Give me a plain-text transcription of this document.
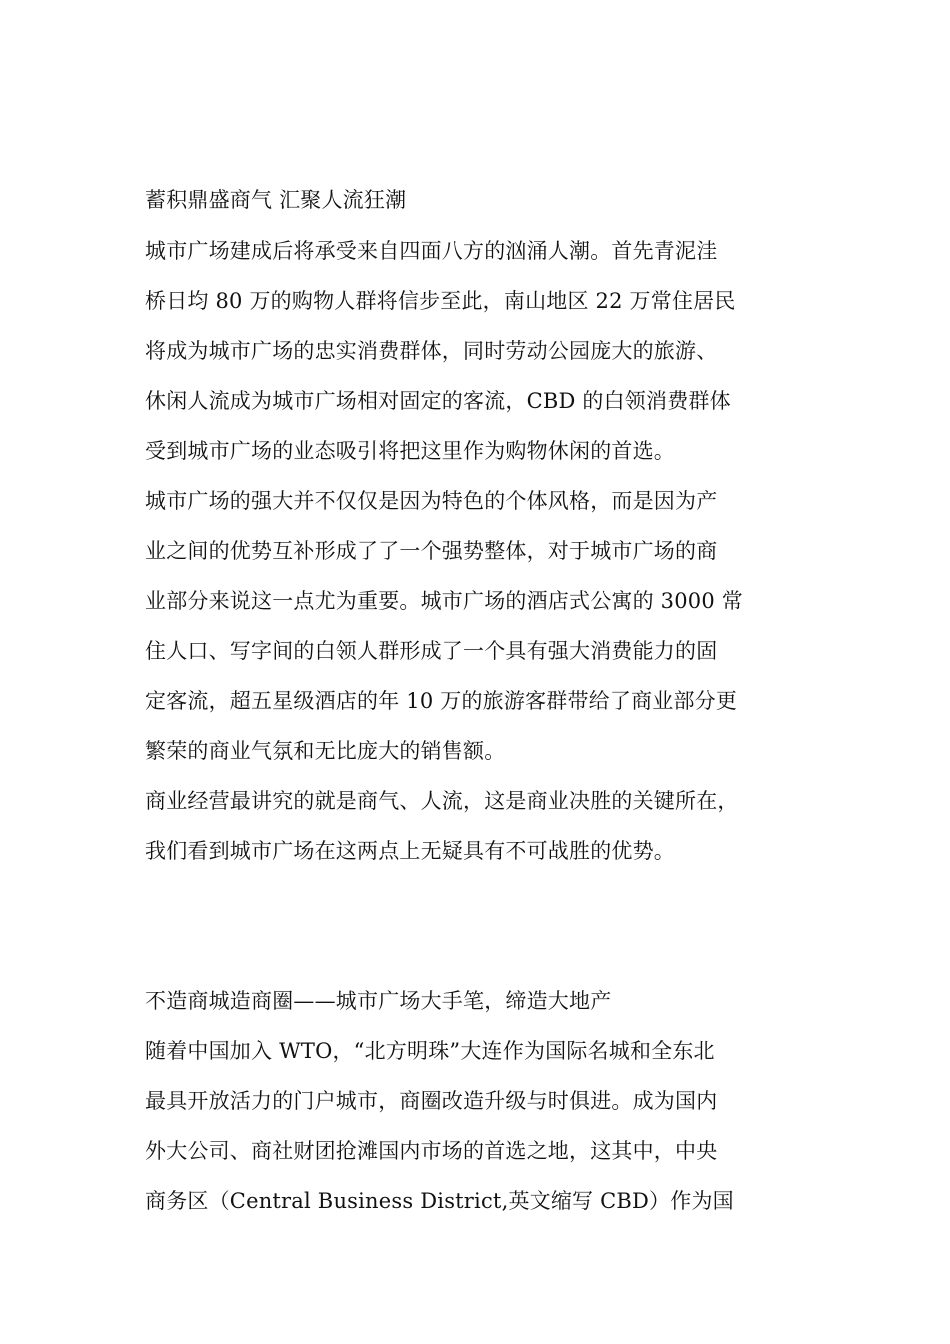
蓄积鼎盛商气 汇聚人流狂潮
城市广场建成后将承受来自四面八方的汹涌人潮。首先青泥洼
桥日均 80 万的购物人群将信步至此，南山地区 22 万常住居民
将成为城市广场的忠实消费群体，同时劳动公园庞大的旅游、
休闲人流成为城市广场相对固定的客流，CBD 的白领消费群体
受到城市广场的业态吸引将把这里作为购物休闲的首选。
城市广场的强大并不仅仅是因为特色的个体风格，而是因为产
业之间的优势互补形成了了一个强势整体，对于城市广场的商
业部分来说这一点尤为重要。城市广场的酒店式公寓的 3000 常
住人口、写字间的白领人群形成了一个具有强大消费能力的固
定客流，超五星级酒店的年 10 万的旅游客群带给了商业部分更
繁荣的商业气氛和无比庞大的销售额。
商业经营最讲究的就是商气、人流，这是商业决胜的关键所在，
我们看到城市广场在这两点上无疑具有不可战胜的优势。
不造商城造商圈——城市广场大手笔，缔造大地产
随着中国加入 WTO，“北方明珠”大连作为国际名城和全东北
最具开放活力的门户城市，商圈改造升级与时俱进。成为国内
外大公司、商社财团抢滩国内市场的首选之地，这其中，中央
商务区（Central Business District,英文缩写 CBD）作为国
